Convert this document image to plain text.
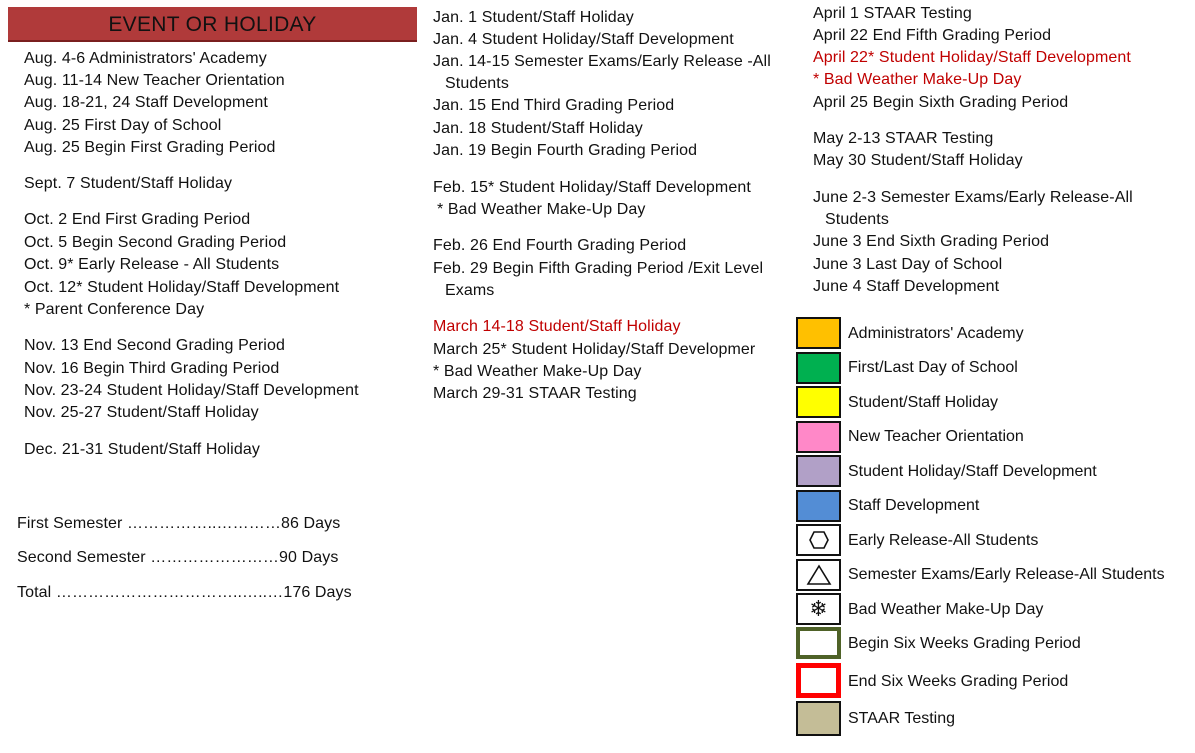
EVENT OR HOLIDAY
Aug. 4-6 Administrators' Academy
Aug. 11-14 New Teacher Orientation
Aug. 18-21, 24 Staff Development
Aug. 25 First Day of School
Aug. 25 Begin First Grading Period
Sept. 7 Student/Staff Holiday
Oct. 2 End First Grading Period
Oct. 5 Begin Second Grading Period
Oct. 9* Early Release - All Students
Oct. 12* Student Holiday/Staff Development
* Parent Conference Day
Nov. 13 End Second Grading Period
Nov. 16 Begin Third Grading Period
Nov. 23-24 Student Holiday/Staff Development
Nov. 25-27 Student/Staff Holiday
Dec. 21-31 Student/Staff Holiday
First Semester ……………..…………86 Days
Second Semester ……………………90 Days
Total ……………………………..…..…176 Days
Jan. 1 Student/Staff Holiday
Jan. 4 Student Holiday/Staff Development
Jan. 14-15 Semester Exams/Early Release -All
Students
Jan. 15 End Third Grading Period
Jan. 18 Student/Staff Holiday
Jan. 19 Begin Fourth Grading Period
Feb. 15* Student Holiday/Staff Development
* Bad Weather Make-Up Day
Feb. 26 End Fourth Grading Period
Feb. 29 Begin Fifth Grading Period /Exit Level
Exams
March 14-18 Student/Staff Holiday
March 25* Student Holiday/Staff Developmer
* Bad Weather Make-Up Day
March 29-31 STAAR Testing
April 1 STAAR Testing
April 22 End Fifth Grading Period
April 22* Student Holiday/Staff Development
* Bad Weather Make-Up Day
April 25 Begin Sixth Grading Period
May 2-13 STAAR Testing
May 30 Student/Staff Holiday
June 2-3 Semester Exams/Early Release-All
Students
June 3 End Sixth Grading Period
June 3 Last Day of School
June 4 Staff Development
Administrators' Academy
First/Last Day of School
Student/Staff Holiday
New Teacher Orientation
Student Holiday/Staff Development
Staff Development
Early Release-All Students
Semester Exams/Early Release-All Students
❄	Bad Weather Make-Up Day
Begin Six Weeks Grading Period
End Six Weeks Grading Period
STAAR Testing
